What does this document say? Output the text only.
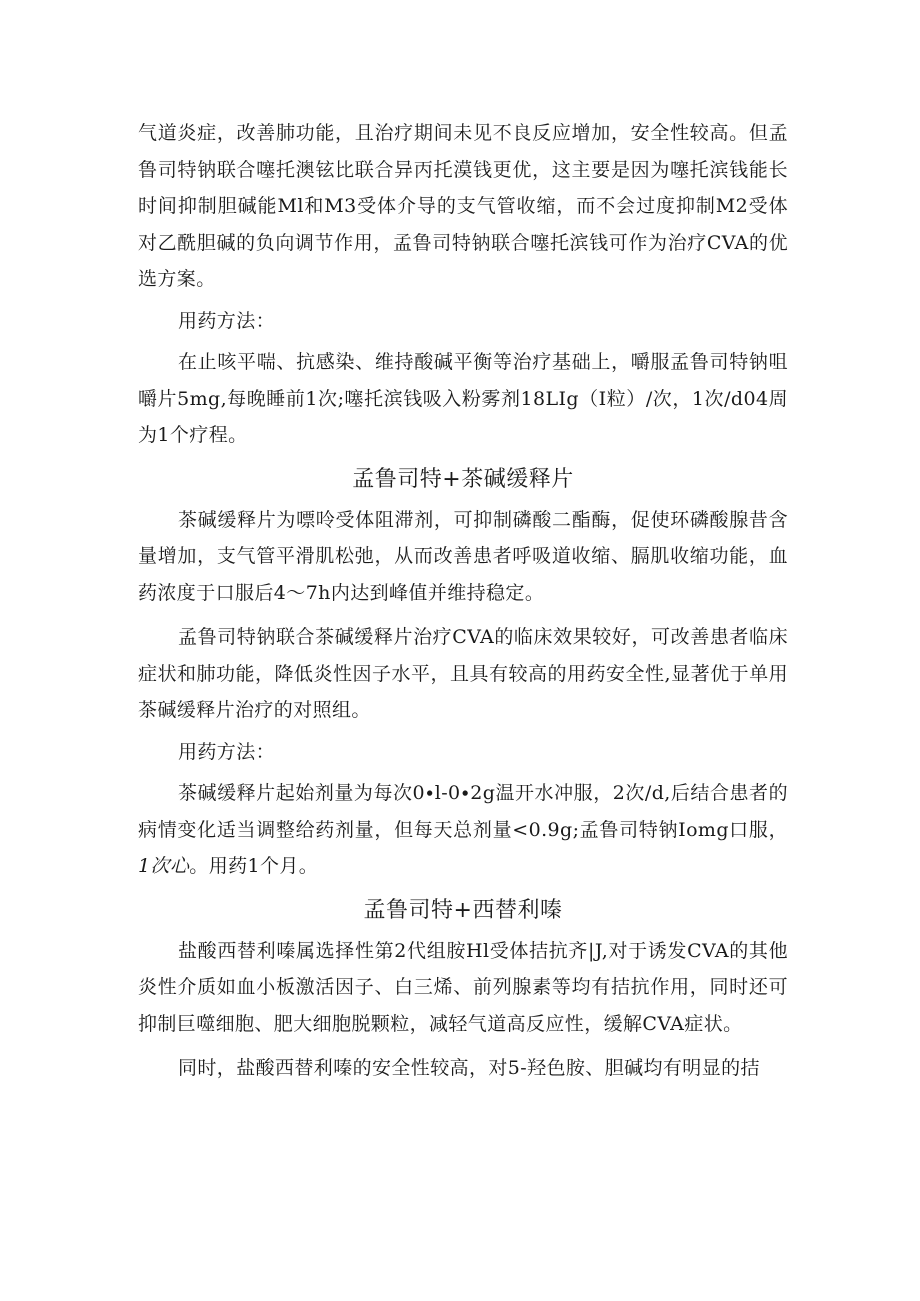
气道炎症，改善肺功能，且治疗期间未见不良反应增加，安全性较高。但孟鲁司特钠联合噻托澳铉比联合异丙托漠钱更优，这主要是因为噻托滨钱能长时间抑制胆碱能Ml和M3受体介导的支气管收缩，而不会过度抑制M2受体对乙酰胆碱的负向调节作用，孟鲁司特钠联合噻托滨钱可作为治疗CVA的优选方案。

用药方法：

在止咳平喘、抗感染、维持酸碱平衡等治疗基础上，嚼服孟鲁司特钠咀嚼片5mg,每晚睡前1次;噻托滨钱吸入粉雾剂18LIg（I粒）/次，1次/d04周为1个疗程。

孟鲁司特+茶碱缓释片

茶碱缓释片为嘌呤受体阻滞剂，可抑制磷酸二酯酶，促使环磷酸腺昔含量增加，支气管平滑肌松弛，从而改善患者呼吸道收缩、膈肌收缩功能，血药浓度于口服后4〜7h内达到峰值并维持稳定。

孟鲁司特钠联合茶碱缓释片治疗CVA的临床效果较好，可改善患者临床症状和肺功能，降低炎性因子水平，且具有较高的用药安全性,显著优于单用茶碱缓释片治疗的对照组。

用药方法：

茶碱缓释片起始剂量为每次0∙l-0∙2g温开水冲服，2次/d,后结合患者的病情变化适当调整给药剂量，但每天总剂量<0.9g;孟鲁司特钠Iomg口服，1次心。用药1个月。

孟鲁司特+西替利嗪

盐酸西替利嗪属选择性第2代组胺Hl受体拮抗齐|J,对于诱发CVA的其他炎性介质如血小板激活因子、白三烯、前列腺素等均有拮抗作用，同时还可抑制巨噬细胞、肥大细胞脱颗粒，减轻气道高反应性，缓解CVA症状。

同时，盐酸西替利嗪的安全性较高，对5-羟色胺、胆碱均有明显的拮
